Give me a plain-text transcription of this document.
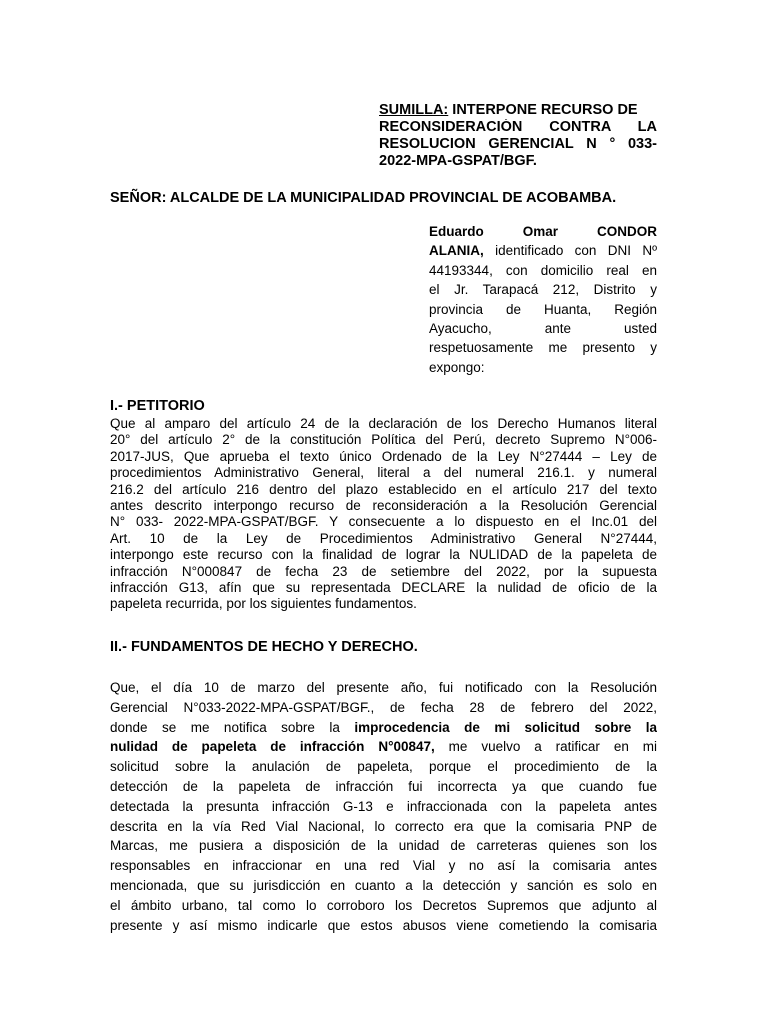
SUMILLA: INTERPONE RECURSO DE
RECONSIDERACIÓN CONTRA LA
RESOLUCION GERENCIAL N ° 033-
2022-MPA-GSPAT/BGF.
SEÑOR: ALCALDE DE LA MUNICIPALIDAD PROVINCIAL DE ACOBAMBA.
Eduardo Omar CONDOR
ALANIA, identificado con DNI Nº
44193344, con domicilio real en
el Jr. Tarapacá 212, Distrito y
provincia de Huanta, Región
Ayacucho, ante usted
respetuosamente me presento y
expongo:
I.- PETITORIO
Que al amparo del artículo 24 de la declaración de los Derecho Humanos literal
20° del artículo 2° de la constitución Política del Perú, decreto Supremo N°006-
2017-JUS, Que aprueba el texto único Ordenado de la Ley N°27444 – Ley de
procedimientos Administrativo General, literal a del numeral 216.1. y numeral
216.2 del artículo 216 dentro del plazo establecido en el artículo 217 del texto
antes descrito interpongo recurso de reconsideración a la Resolución Gerencial
N° 033- 2022-MPA-GSPAT/BGF. Y consecuente a lo dispuesto en el Inc.01 del
Art. 10 de la Ley de Procedimientos Administrativo General N°27444,
interpongo este recurso con la finalidad de lograr la NULIDAD de la papeleta de
infracción N°000847 de fecha 23 de setiembre del 2022, por la supuesta
infracción G13, afín que su representada DECLARE la nulidad de oficio de la
papeleta recurrida, por los siguientes fundamentos.
II.- FUNDAMENTOS DE HECHO Y DERECHO.
Que, el día 10 de marzo del presente año, fui notificado con la Resolución
Gerencial N°033-2022-MPA-GSPAT/BGF., de fecha 28 de febrero del 2022,
donde se me notifica sobre la improcedencia de mi solicitud sobre la
nulidad de papeleta de infracción N°00847, me vuelvo a ratificar en mi
solicitud sobre la anulación de papeleta, porque el procedimiento de la
detección de la papeleta de infracción fui incorrecta ya que cuando fue
detectada la presunta infracción G-13 e infraccionada con la papeleta antes
descrita en la vía Red Vial Nacional, lo correcto era que la comisaria PNP de
Marcas, me pusiera a disposición de la unidad de carreteras quienes son los
responsables en infraccionar en una red Vial y no así la comisaria antes
mencionada, que su jurisdicción en cuanto a la detección y sanción es solo en
el ámbito urbano, tal como lo corroboro los Decretos Supremos que adjunto al
presente y así mismo indicarle que estos abusos viene cometiendo la comisaria
